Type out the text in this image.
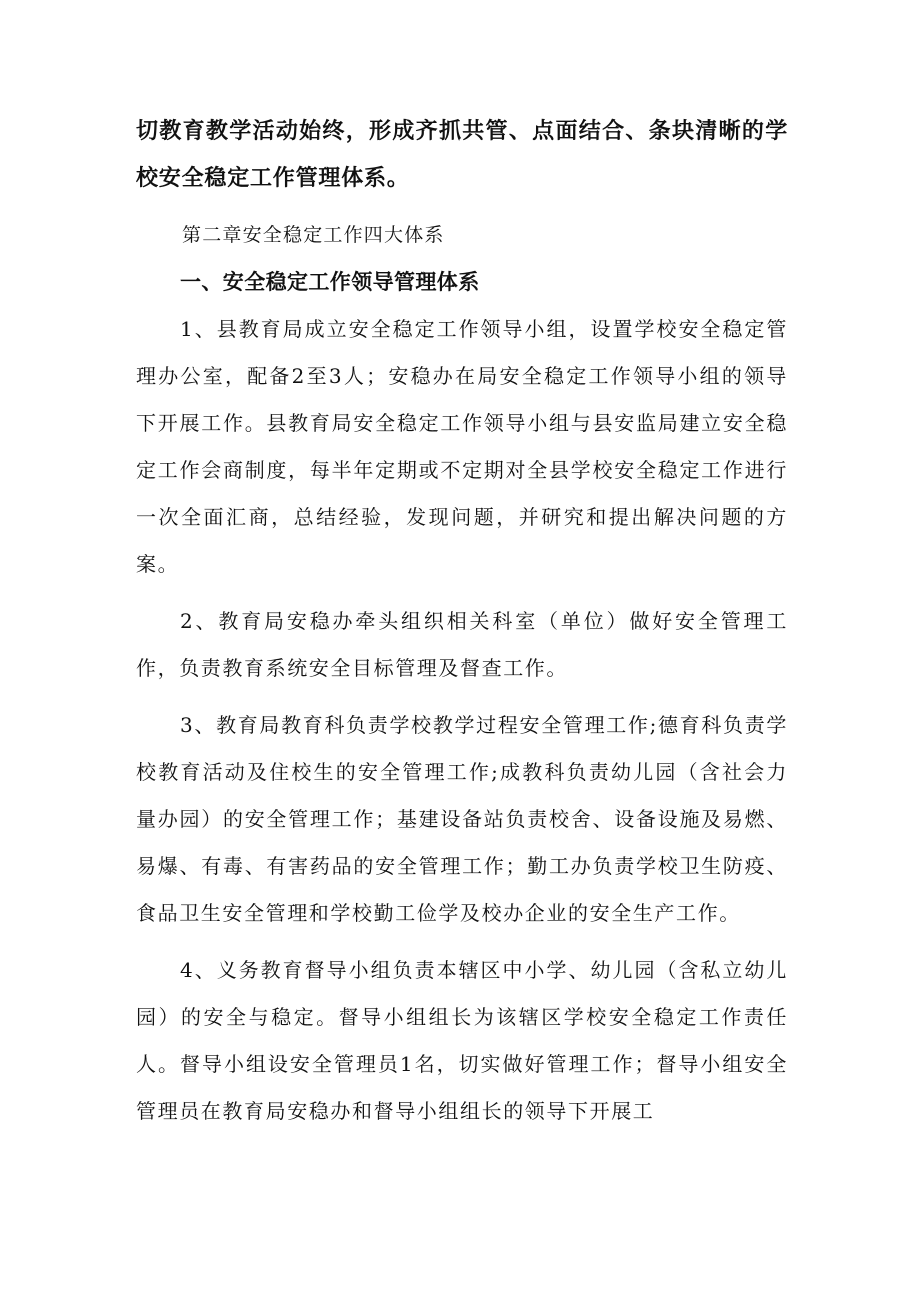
切教育教学活动始终，形成齐抓共管、点面结合、条块清晰的学校安全稳定工作管理体系。

第二章安全稳定工作四大体系

一、安全稳定工作领导管理体系

1、县教育局成立安全稳定工作领导小组，设置学校安全稳定管理办公室，配备2至3人；安稳办在局安全稳定工作领导小组的领导下开展工作。县教育局安全稳定工作领导小组与县安监局建立安全稳定工作会商制度，每半年定期或不定期对全县学校安全稳定工作进行一次全面汇商，总结经验，发现问题，并研究和提出解决问题的方案。

2、教育局安稳办牵头组织相关科室（单位）做好安全管理工作，负责教育系统安全目标管理及督查工作。

3、教育局教育科负责学校教学过程安全管理工作;德育科负责学校教育活动及住校生的安全管理工作;成教科负责幼儿园（含社会力量办园）的安全管理工作；基建设备站负责校舍、设备设施及易燃、易爆、有毒、有害药品的安全管理工作；勤工办负责学校卫生防疫、食品卫生安全管理和学校勤工俭学及校办企业的安全生产工作。

4、义务教育督导小组负责本辖区中小学、幼儿园（含私立幼儿园）的安全与稳定。督导小组组长为该辖区学校安全稳定工作责任人。督导小组设安全管理员1名，切实做好管理工作；督导小组安全管理员在教育局安稳办和督导小组组长的领导下开展工
